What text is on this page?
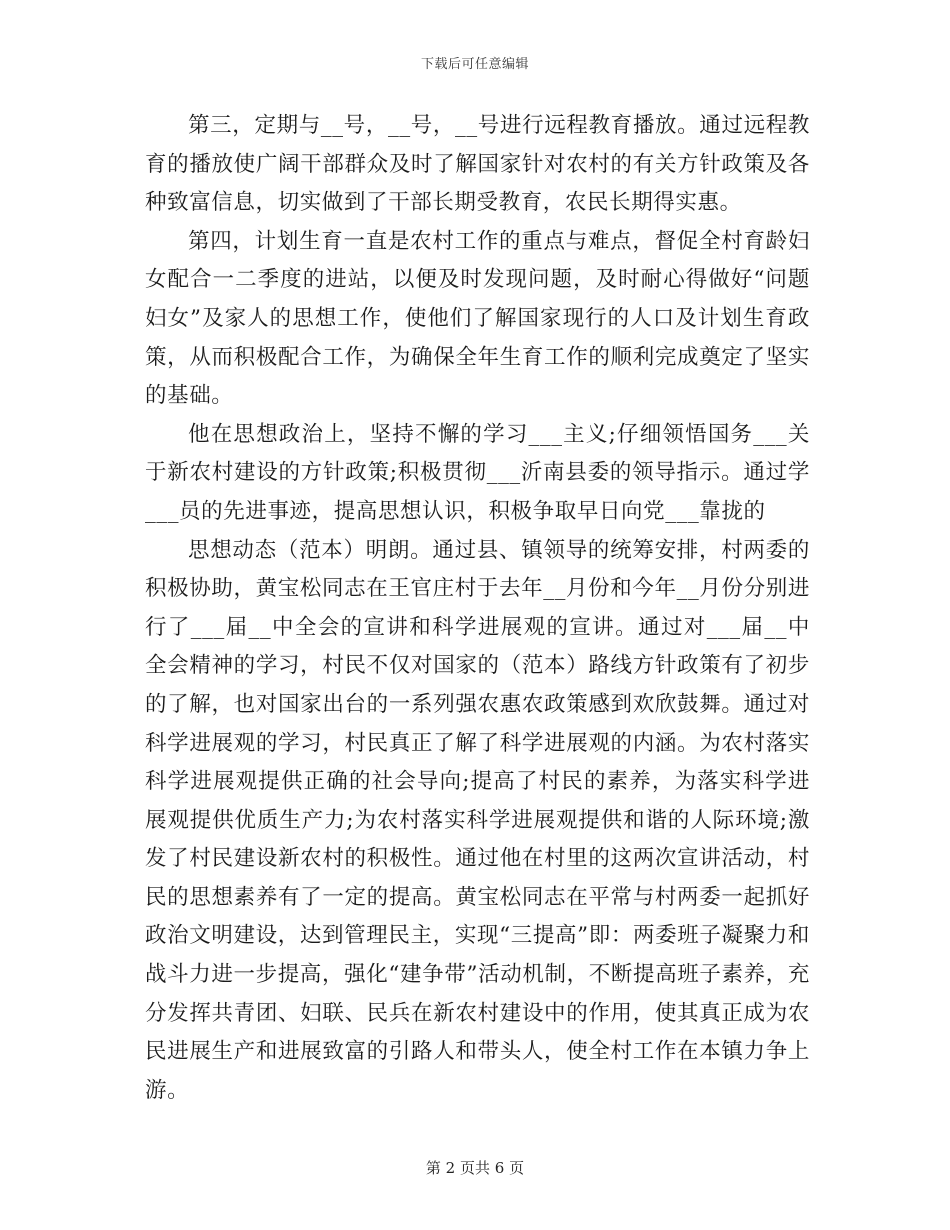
下载后可任意编辑

第三，定期与__号，__号，__号进行远程教育播放。通过远程教育的播放使广阔干部群众及时了解国家针对农村的有关方针政策及各种致富信息，切实做到了干部长期受教育，农民长期得实惠。

第四，计划生育一直是农村工作的重点与难点，督促全村育龄妇女配合一二季度的进站，以便及时发现问题，及时耐心得做好“问题妇女”及家人的思想工作，使他们了解国家现行的人口及计划生育政策，从而积极配合工作，为确保全年生育工作的顺利完成奠定了坚实的基础。

他在思想政治上，坚持不懈的学习___主义;仔细领悟国务___关于新农村建设的方针政策;积极贯彻___沂南县委的领导指示。通过学___员的先进事迹，提高思想认识，积极争取早日向党___靠拢的

思想动态（范本）明朗。通过县、镇领导的统筹安排，村两委的积极协助，黄宝松同志在王官庄村于去年__月份和今年__月份分别进行了___届__中全会的宣讲和科学进展观的宣讲。通过对___届__中全会精神的学习，村民不仅对国家的（范本）路线方针政策有了初步的了解，也对国家出台的一系列强农惠农政策感到欢欣鼓舞。通过对科学进展观的学习，村民真正了解了科学进展观的内涵。为农村落实科学进展观提供正确的社会导向;提高了村民的素养，为落实科学进展观提供优质生产力;为农村落实科学进展观提供和谐的人际环境;激发了村民建设新农村的积极性。通过他在村里的这两次宣讲活动，村民的思想素养有了一定的提高。黄宝松同志在平常与村两委一起抓好政治文明建设，达到管理民主，实现“三提高”即：两委班子凝聚力和战斗力进一步提高，强化“建争带”活动机制，不断提高班子素养，充分发挥共青团、妇联、民兵在新农村建设中的作用，使其真正成为农民进展生产和进展致富的引路人和带头人，使全村工作在本镇力争上游。

第 2 页共 6 页
